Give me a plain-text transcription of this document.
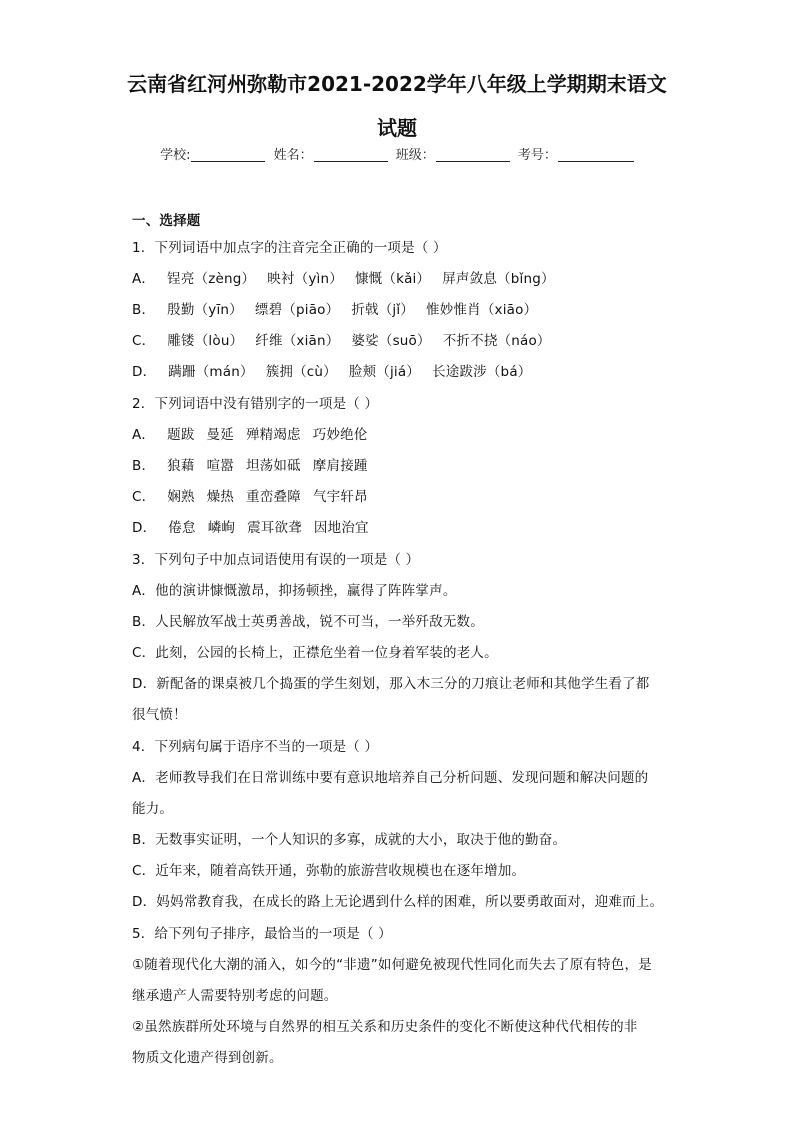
云南省红河州弥勒市2021-2022学年八年级上学期期末语文
试题
学校:	姓名：	班级：	考号：
一、选择题
1．下列词语中加点字的注音完全正确的一项是（ ）
A． 锃亮（zèng） 映衬（yìn） 慷慨（kǎi） 屏声敛息（bǐng）
B． 殷勤（yīn） 缥碧（piāo） 折戟（jǐ） 惟妙惟肖（xiāo）
C． 雕镂（lòu） 纤维（xiān） 婆娑（suō） 不折不挠（náo）
D． 蹒跚（mán） 簇拥（cù） 脸颊（jiá） 长途跋涉（bá）
2．下列词语中没有错别字的一项是（ ）
A． 题跋 曼延 殚精竭虑 巧妙绝伦
B． 狼藉 喧嚣 坦荡如砥 摩肩接踵
C． 娴熟 燥热 重峦叠障 气宇轩昂
D． 倦怠 嶙峋 震耳欲聋 因地治宜
3．下列句子中加点词语使用有误的一项是（ ）
A．他的演讲慷慨激昂，抑扬顿挫，赢得了阵阵掌声。
B．人民解放军战士英勇善战，锐不可当，一举歼敌无数。
C．此刻，公园的长椅上，正襟危坐着一位身着军装的老人。
D．新配备的课桌被几个捣蛋的学生刻划，那入木三分的刀痕让老师和其他学生看了都
很气愤！
4．下列病句属于语序不当的一项是（ ）
A．老师教导我们在日常训练中要有意识地培养自己分析问题、发现问题和解决问题的
能力。
B．无数事实证明，一个人知识的多寡，成就的大小，取决于他的勤奋。
C．近年来，随着高铁开通，弥勒的旅游营收规模也在逐年增加。
D．妈妈常教育我，在成长的路上无论遇到什么样的困难，所以要勇敢面对，迎难而上。
5．给下列句子排序，最恰当的一项是（ ）
①随着现代化大潮的涌入，如今的“非遗”如何避免被现代性同化而失去了原有特色，是
继承遗产人需要特别考虑的问题。
②虽然族群所处环境与自然界的相互关系和历史条件的变化不断使这种代代相传的非
物质文化遗产得到创新。
